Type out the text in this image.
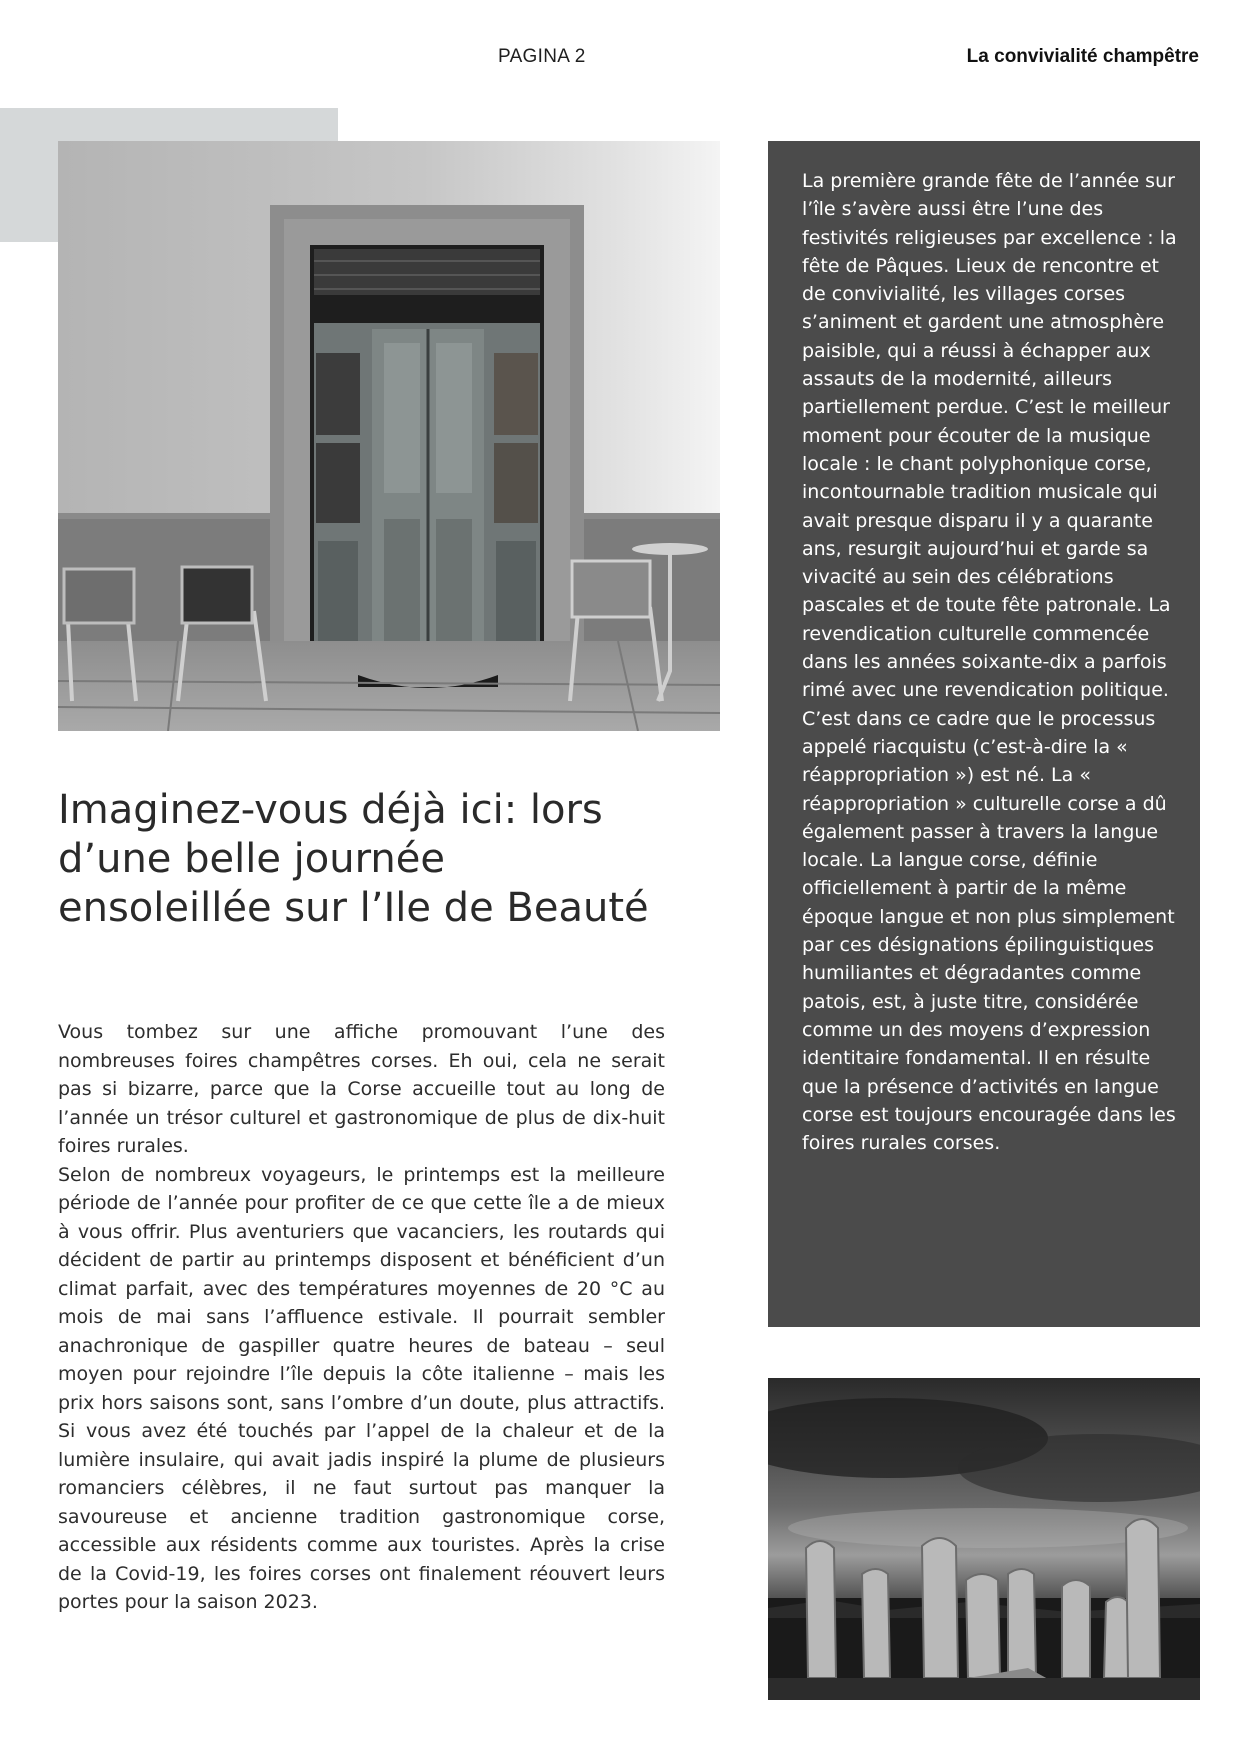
PAGINA 2	La convivialité champêtre
Imaginez-vous déjà ici: lors d’une belle journée ensoleillée sur l’Ile de Beauté

Vous tombez sur une affiche promouvant l’une des nombreuses foires champêtres corses. Eh oui, cela ne serait pas si bizarre, parce que la Corse accueille tout au long de l’année un trésor culturel et gastronomique de plus de dix-huit foires rurales.

Selon de nombreux voyageurs, le printemps est la meilleure période de l’année pour profiter de ce que cette île a de mieux à vous offrir. Plus aventuriers que vacanciers, les routards qui décident de partir au printemps disposent et bénéficient d’un climat parfait, avec des températures moyennes de 20 °C au mois de mai sans l’affluence estivale. Il pourrait sembler anachronique de gaspiller quatre heures de bateau – seul moyen pour rejoindre l’île depuis la côte italienne – mais les prix hors saisons sont, sans l’ombre d’un doute, plus attractifs. Si vous avez été touchés par l’appel de la chaleur et de la lumière insulaire, qui avait jadis inspiré la plume de plusieurs romanciers célèbres, il ne faut surtout pas manquer la savoureuse et ancienne tradition gastronomique corse, accessible aux résidents comme aux touristes. Après la crise de la Covid-19, les foires corses ont finalement réouvert leurs portes pour la saison 2023.

La première grande fête de l’année sur l’île s’avère aussi être l’une des festivités religieuses par excellence : la fête de Pâques. Lieux de rencontre et de convivialité, les villages corses s’animent et gardent une atmosphère paisible, qui a réussi à échapper aux assauts de la modernité, ailleurs partiellement perdue. C’est le meilleur moment pour écouter de la musique locale : le chant polyphonique corse, incontournable tradition musicale qui avait presque disparu il y a quarante ans, resurgit aujourd’hui et garde sa vivacité au sein des célébrations pascales et de toute fête patronale. La revendication culturelle commencée dans les années soixante-dix a parfois rimé avec une revendication politique. C’est dans ce cadre que le processus appelé riacquistu (c’est-à-dire la « réappropriation ») est né. La « réappropriation » culturelle corse a dû également passer à travers la langue locale. La langue corse, définie officiellement à partir de la même époque langue et non plus simplement par ces désignations épilinguistiques humiliantes et dégradantes comme patois, est, à juste titre, considérée comme un des moyens d’expression identitaire fondamental. Il en résulte que la présence d’activités en langue corse est toujours encouragée dans les foires rurales corses.
